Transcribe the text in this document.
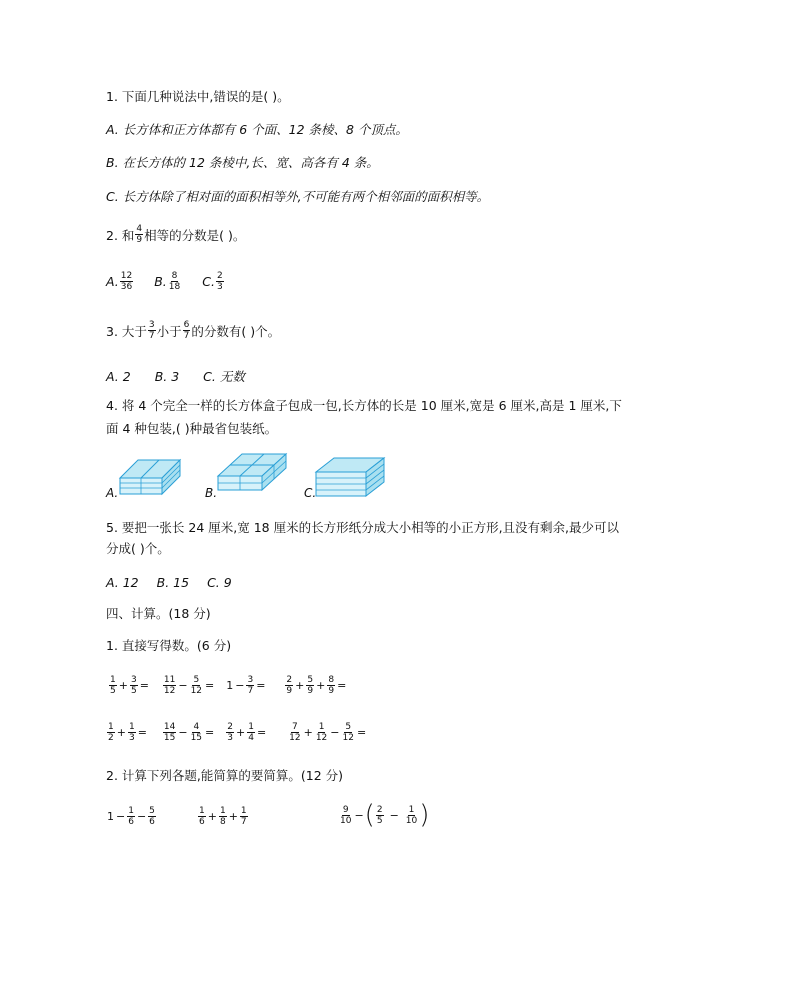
1. 下面几种说法中,错误的是( )。
A. 长方体和正方体都有 6 个面、12 条棱、8 个顶点。
B. 在长方体的 12 条棱中,长、宽、高各有 4 条。
C. 长方体除了相对面的面积相等外,不可能有两个相邻面的面积相等。
2. 和 $\frac{4}{9}$ 相等的分数是( )。
A. $\frac{12}{36} B$. $\frac{8}{18} C$. $\frac{2}{3}$
3. 大于 $\frac{3}{7}$ 小于 $\frac{6}{7}$ 的分数有( )个。
A. 2 B. 3 C. 无数
4. 将 4 个完全一样的长方体盒子包成一包,长方体的长是 10 厘米,宽是 6 厘米,高是 1 厘米,下
面 4 种包装,( )种最省包装纸。
A.	B.	C.
5. 要把一张长 24 厘米,宽 18 厘米的长方形纸分成大小相等的小正方形,且没有剩余,最少可以
分成( )个。
A. 12 B. 15 C. 9
四、计算。(18 分)
1. 直接写得数。(6 分)
$\frac{1}{5} + \frac{3}{5} = \frac{11}{12} - \frac{5}{12} = 1 - \frac{3}{7} = \frac{2}{9} + \frac{5}{9} + \frac{8}{9}$ =
$\frac{1}{2} + \frac{1}{3} = \frac{14}{15} - \frac{4}{15} = \frac{2}{3} + \frac{1}{4} = \frac{7}{12} + \frac{1}{12} - \frac{5}{12}$ =
2. 计算下列各题,能简算的要简算。(12 分)
$1 - \frac{1}{6} - \frac{5}{6}$	$\frac{1}{6} + \frac{1}{8} + \frac{1}{7}$	$\frac{9}{10}$ − ( $\frac{2}{5} - \frac{1}{10}$ )
